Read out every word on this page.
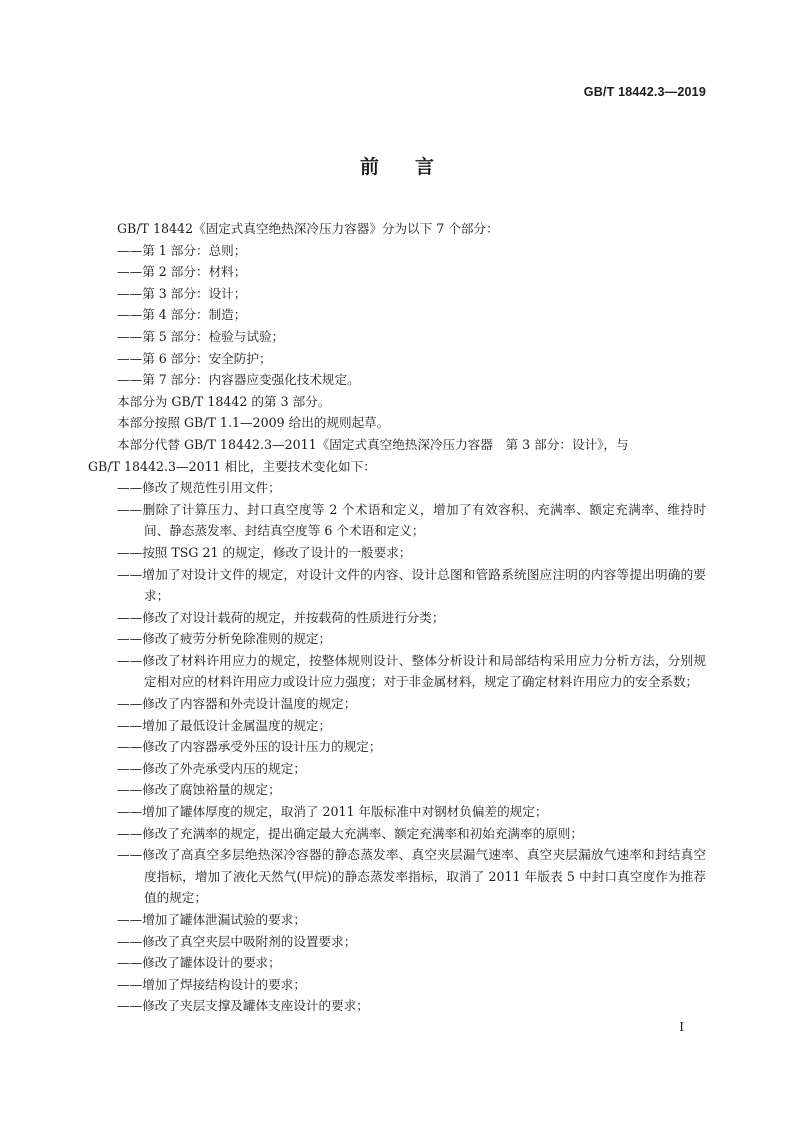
GB/T 18442.3—2019
前言

GB/T 18442《固定式真空绝热深冷压力容器》分为以下 7 个部分：

——第 1 部分：总则；

——第 2 部分：材料；

——第 3 部分：设计；

——第 4 部分：制造；

——第 5 部分：检验与试验；

——第 6 部分：安全防护；

——第 7 部分：内容器应变强化技术规定。

本部分为 GB/T 18442 的第 3 部分。

本部分按照 GB/T 1.1—2009 给出的规则起草。

本部分代替 GB/T 18442.3—2011《固定式真空绝热深冷压力容器　第 3 部分：设计》，与

GB/T 18442.3—2011 相比，主要技术变化如下：

——修改了规范性引用文件；

——删除了计算压力、封口真空度等 2 个术语和定义，增加了有效容积、充满率、额定充满率、维持时间、静态蒸发率、封结真空度等 6 个术语和定义；

——按照 TSG 21 的规定，修改了设计的一般要求；

——增加了对设计文件的规定，对设计文件的内容、设计总图和管路系统图应注明的内容等提出明确的要求；

——修改了对设计载荷的规定，并按载荷的性质进行分类；

——修改了疲劳分析免除准则的规定；

——修改了材料许用应力的规定，按整体规则设计、整体分析设计和局部结构采用应力分析方法，分别规定相对应的材料许用应力或设计应力强度；对于非金属材料，规定了确定材料许用应力的安全系数；

——修改了内容器和外壳设计温度的规定；

——增加了最低设计金属温度的规定；

——修改了内容器承受外压的设计压力的规定；

——修改了外壳承受内压的规定；

——修改了腐蚀裕量的规定；

——增加了罐体厚度的规定，取消了 2011 年版标准中对钢材负偏差的规定；

——修改了充满率的规定，提出确定最大充满率、额定充满率和初始充满率的原则；

——修改了高真空多层绝热深冷容器的静态蒸发率、真空夹层漏气速率、真空夹层漏放气速率和封结真空度指标，增加了液化天然气(甲烷)的静态蒸发率指标，取消了 2011 年版表 5 中封口真空度作为推荐值的规定；

——增加了罐体泄漏试验的要求；

——修改了真空夹层中吸附剂的设置要求；

——修改了罐体设计的要求；

——增加了焊接结构设计的要求；

——修改了夹层支撑及罐体支座设计的要求；

I
